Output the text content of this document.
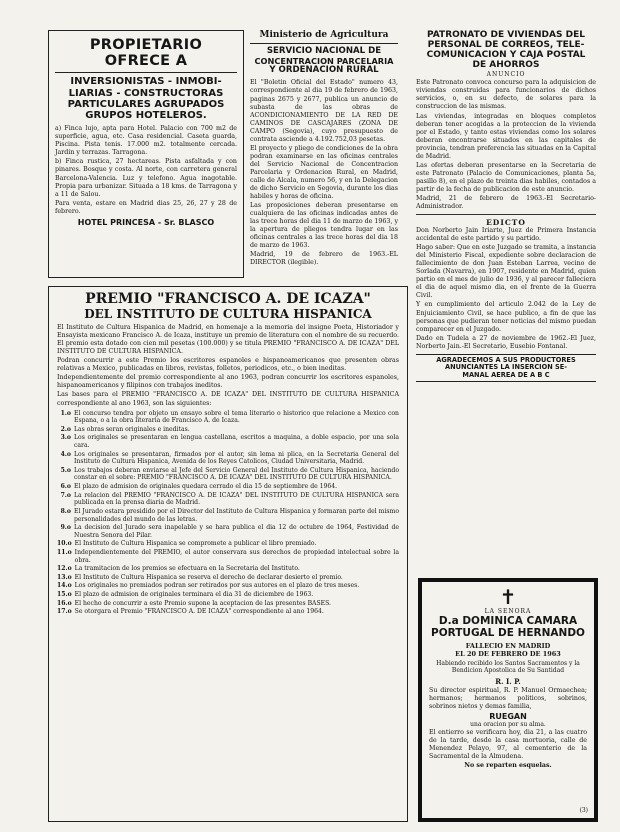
PROPIETARIO OFRECE A
INVERSIONISTAS - INMOBI-
LIARIAS - CONSTRUCTORAS
PARTICULARES AGRUPADOS
GRUPOS HOTELEROS.

a) Finca lujo, apta para Hotel. Palacio con 700 m2 de superficie, agua, etc. Casa residencial. Caseta guarda, Piscina. Pista tenis. 17.000 m2. totalmente cercada. Jardin y terrazas. Tarragona.

b) Finca rustica, 27 hectareas. Pista asfaltada y con pinares. Bosque y costa. Al norte, con carretera general Barcelona-Valencia. Luz y telefono. Agua inagotable. Propia para urbanizar. Situada a 18 kms. de Tarragona y a 11 de Salou.

Para venta, estare en Madrid dias 25, 26, 27 y 28 de febrero.

HOTEL PRINCESA - Sr. BLASCO
Ministerio de Agricultura
SERVICIO NACIONAL DE
CONCENTRACION PARCELARIA
Y ORDENACION RURAL

El "Boletin Oficial del Estado" numero 43, correspondiente al dia 19 de febrero de 1963, paginas 2675 y 2677, publica un anuncio de subasta de las obras de ACONDICIONAMIENTO DE LA RED DE CAMINOS DE CASCAJARES (ZONA DE CAMPO (Segovia), cuyo presupuesto de contrata asciende a 4.192.752,03 pesetas.

El proyecto y pliego de condiciones de la obra podran examinarse en las oficinas centrales del Servicio Nacional de Concentracion Parcelaria y Ordenacion Rural, en Madrid, calle de Alcala, numero 56, y en la Delegacion de dicho Servicio en Segovia, durante los dias habiles y horas de oficina.

Las proposiciones deberan presentarse en cualquiera de las oficinas indicadas antes de las trece horas del dia 11 de marzo de 1963, y la apertura de pliegos tendra lugar en las oficinas centrales a las trece horas del dia 18 de marzo de 1963.

Madrid, 19 de febrero de 1963.-EL DIRECTOR (ilegible).

PATRONATO DE VIVIENDAS DEL
PERSONAL DE CORREOS, TELE-
COMUNICACION Y CAJA POSTAL
DE AHORROS
ANUNCIO

Este Patronato convoca concurso para la adquisicion de viviendas construidas para funcionarios de dichos servicios, o, en su defecto, de solares para la construccion de las mismas.

Las viviendas, integradas en bloques completos deberan tener acogidas a la proteccion de la vivienda por el Estado, y tanto estas viviendas como los solares deberan encontrarse situados en las capitales de provincia, tendran preferencia las situadas en la Capital de Madrid.

Las ofertas deberan presentarse en la Secretaria de este Patronato (Palacio de Comunicaciones, planta 5a, pasillo 8), en el plazo de treinta dias habiles, contados a partir de la fecha de publicacion de este anuncio.

Madrid, 21 de febrero de 1963.-El Secretario-Administrador.

EDICTO

Don Norberto Jain Iriarte, Juez de Primera Instancia accidental de este partido y su partido.

Hago saber: Que en este Juzgado se tramita, a instancia del Ministerio Fiscal, expediente sobre declaracion de fallecimiento de don Juan Esteban Larrea, vecino de Sorlada (Navarra), en 1907, residente en Madrid, quien partio en el mes de julio de 1936, y al parecer falleciera el dia de aquel mismo dia, en el frente de la Guerra Civil.

Y en cumplimiento del articulo 2.042 de la Ley de Enjuiciamiento Civil, se hace publico, a fin de que las personas que pudieran tener noticias del mismo puedan comparecer en el Juzgado.

Dado en Tudela a 27 de noviembre de 1962.-El Juez, Norberto Jain.-El Secretario, Eusebio Fontanal.

AGRADECEMOS A SUS PRODUCTORES
ANUNCIANTES LA INSERCION SE-
MANAL AEREA DE A B C
✝
LA SENORA
D.a DOMINICA CAMARA
PORTUGAL DE HERNANDO
FALLECIO EN MADRID
EL 20 DE FEBRERO DE 1963

Habiendo recibido los Santos Sacramentos y la Bendicion Apostolica de Su Santidad

R. I. P.

Su director espiritual, R. P. Manuel Ormaechea; hermanos; hermanos politicos, sobrinos, sobrinos nietos y demas familia,

RUEGAN
una oracion por su alma.

El entierro se verificara hoy, dia 21, a las cuatro de la tarde, desde la casa mortuoria, calle de Menendez Pelayo, 97, al cementerio de la Sacramental de la Almudena.

No se reparten esquelas.
(3)
PREMIO "FRANCISCO A. DE ICAZA"
DEL INSTITUTO DE CULTURA HISPANICA

El Instituto de Cultura Hispanica de Madrid, en homenaje a la memoria del insigne Poeta, Historiador y Ensayista mexicano Francisco A. de Icaza, instituye un premio de literatura con el nombre de su recuerdo. El premio esta dotado con cien mil pesetas (100.000) y se titula PREMIO "FRANCISCO A. DE ICAZA" DEL INSTITUTO DE CULTURA HISPANICA.

Podran concurrir a este Premio los escritores espanoles e hispanoamericanos que presenten obras relativas a Mexico, publicadas en libros, revistas, folletos, periodicos, etc., o bien ineditas.

Independientemente del premio correspondiente al ano 1963, podran concurrir los escritores espanoles, hispanoamericanos y filipinos con trabajos ineditos.

Las bases para el PREMIO "FRANCISCO A. DE ICAZA" DEL INSTITUTO DE CULTURA HISPANICA correspondiente al ano 1963, son las siguientes:

1.o El concurso tendra por objeto un ensayo sobre el tema literario o historico que relacione a Mexico con Espana, o a la obra literaria de Francisco A. de Icaza.
2.o Las obras seran originales e ineditas.
3.o Los originales se presentaran en lengua castellana, escritos a maquina, a doble espacio, por una sola cara.
4.o Los originales se presentaran, firmados por el autor, sin lema ni plica, en la Secretaria General del Instituto de Cultura Hispanica, Avenida de los Reyes Catolicos, Ciudad Universitaria, Madrid.
5.o Los trabajos deberan enviarse al Jefe del Servicio General del Instituto de Cultura Hispanica, haciendo constar en el sobre: PREMIO "FRANCISCO A. DE ICAZA" DEL INSTITUTO DE CULTURA HISPANICA.
6.o El plazo de admision de originales quedara cerrado el dia 15 de septiembre de 1964.
7.o La relacion del PREMIO "FRANCISCO A. DE ICAZA" DEL INSTITUTO DE CULTURA HISPANICA sera publicada en la prensa diaria de Madrid.
8.o El Jurado estara presidido por el Director del Instituto de Cultura Hispanica y formaran parte del mismo personalidades del mundo de las letras.
9.o La decision del Jurado sera inapelable y se hara publica el dia 12 de octubre de 1964, Festividad de Nuestra Senora del Pilar.
10.o El Instituto de Cultura Hispanica se compromete a publicar el libro premiado.
11.o Independientemente del PREMIO, el autor conservara sus derechos de propiedad intelectual sobre la obra.
12.o La tramitacion de los premios se efectuara en la Secretaria del Instituto.
13.o El Instituto de Cultura Hispanica se reserva el derecho de declarar desierto el premio.
14.o Los originales no premiados podran ser retirados por sus autores en el plazo de tres meses.
15.o El plazo de admision de originales terminara el dia 31 de diciembre de 1963.
16.o El hecho de concurrir a este Premio supone la aceptacion de las presentes BASES.
17.o Se otorgara el Premio "FRANCISCO A. DE ICAZA" correspondiente al ano 1964.
